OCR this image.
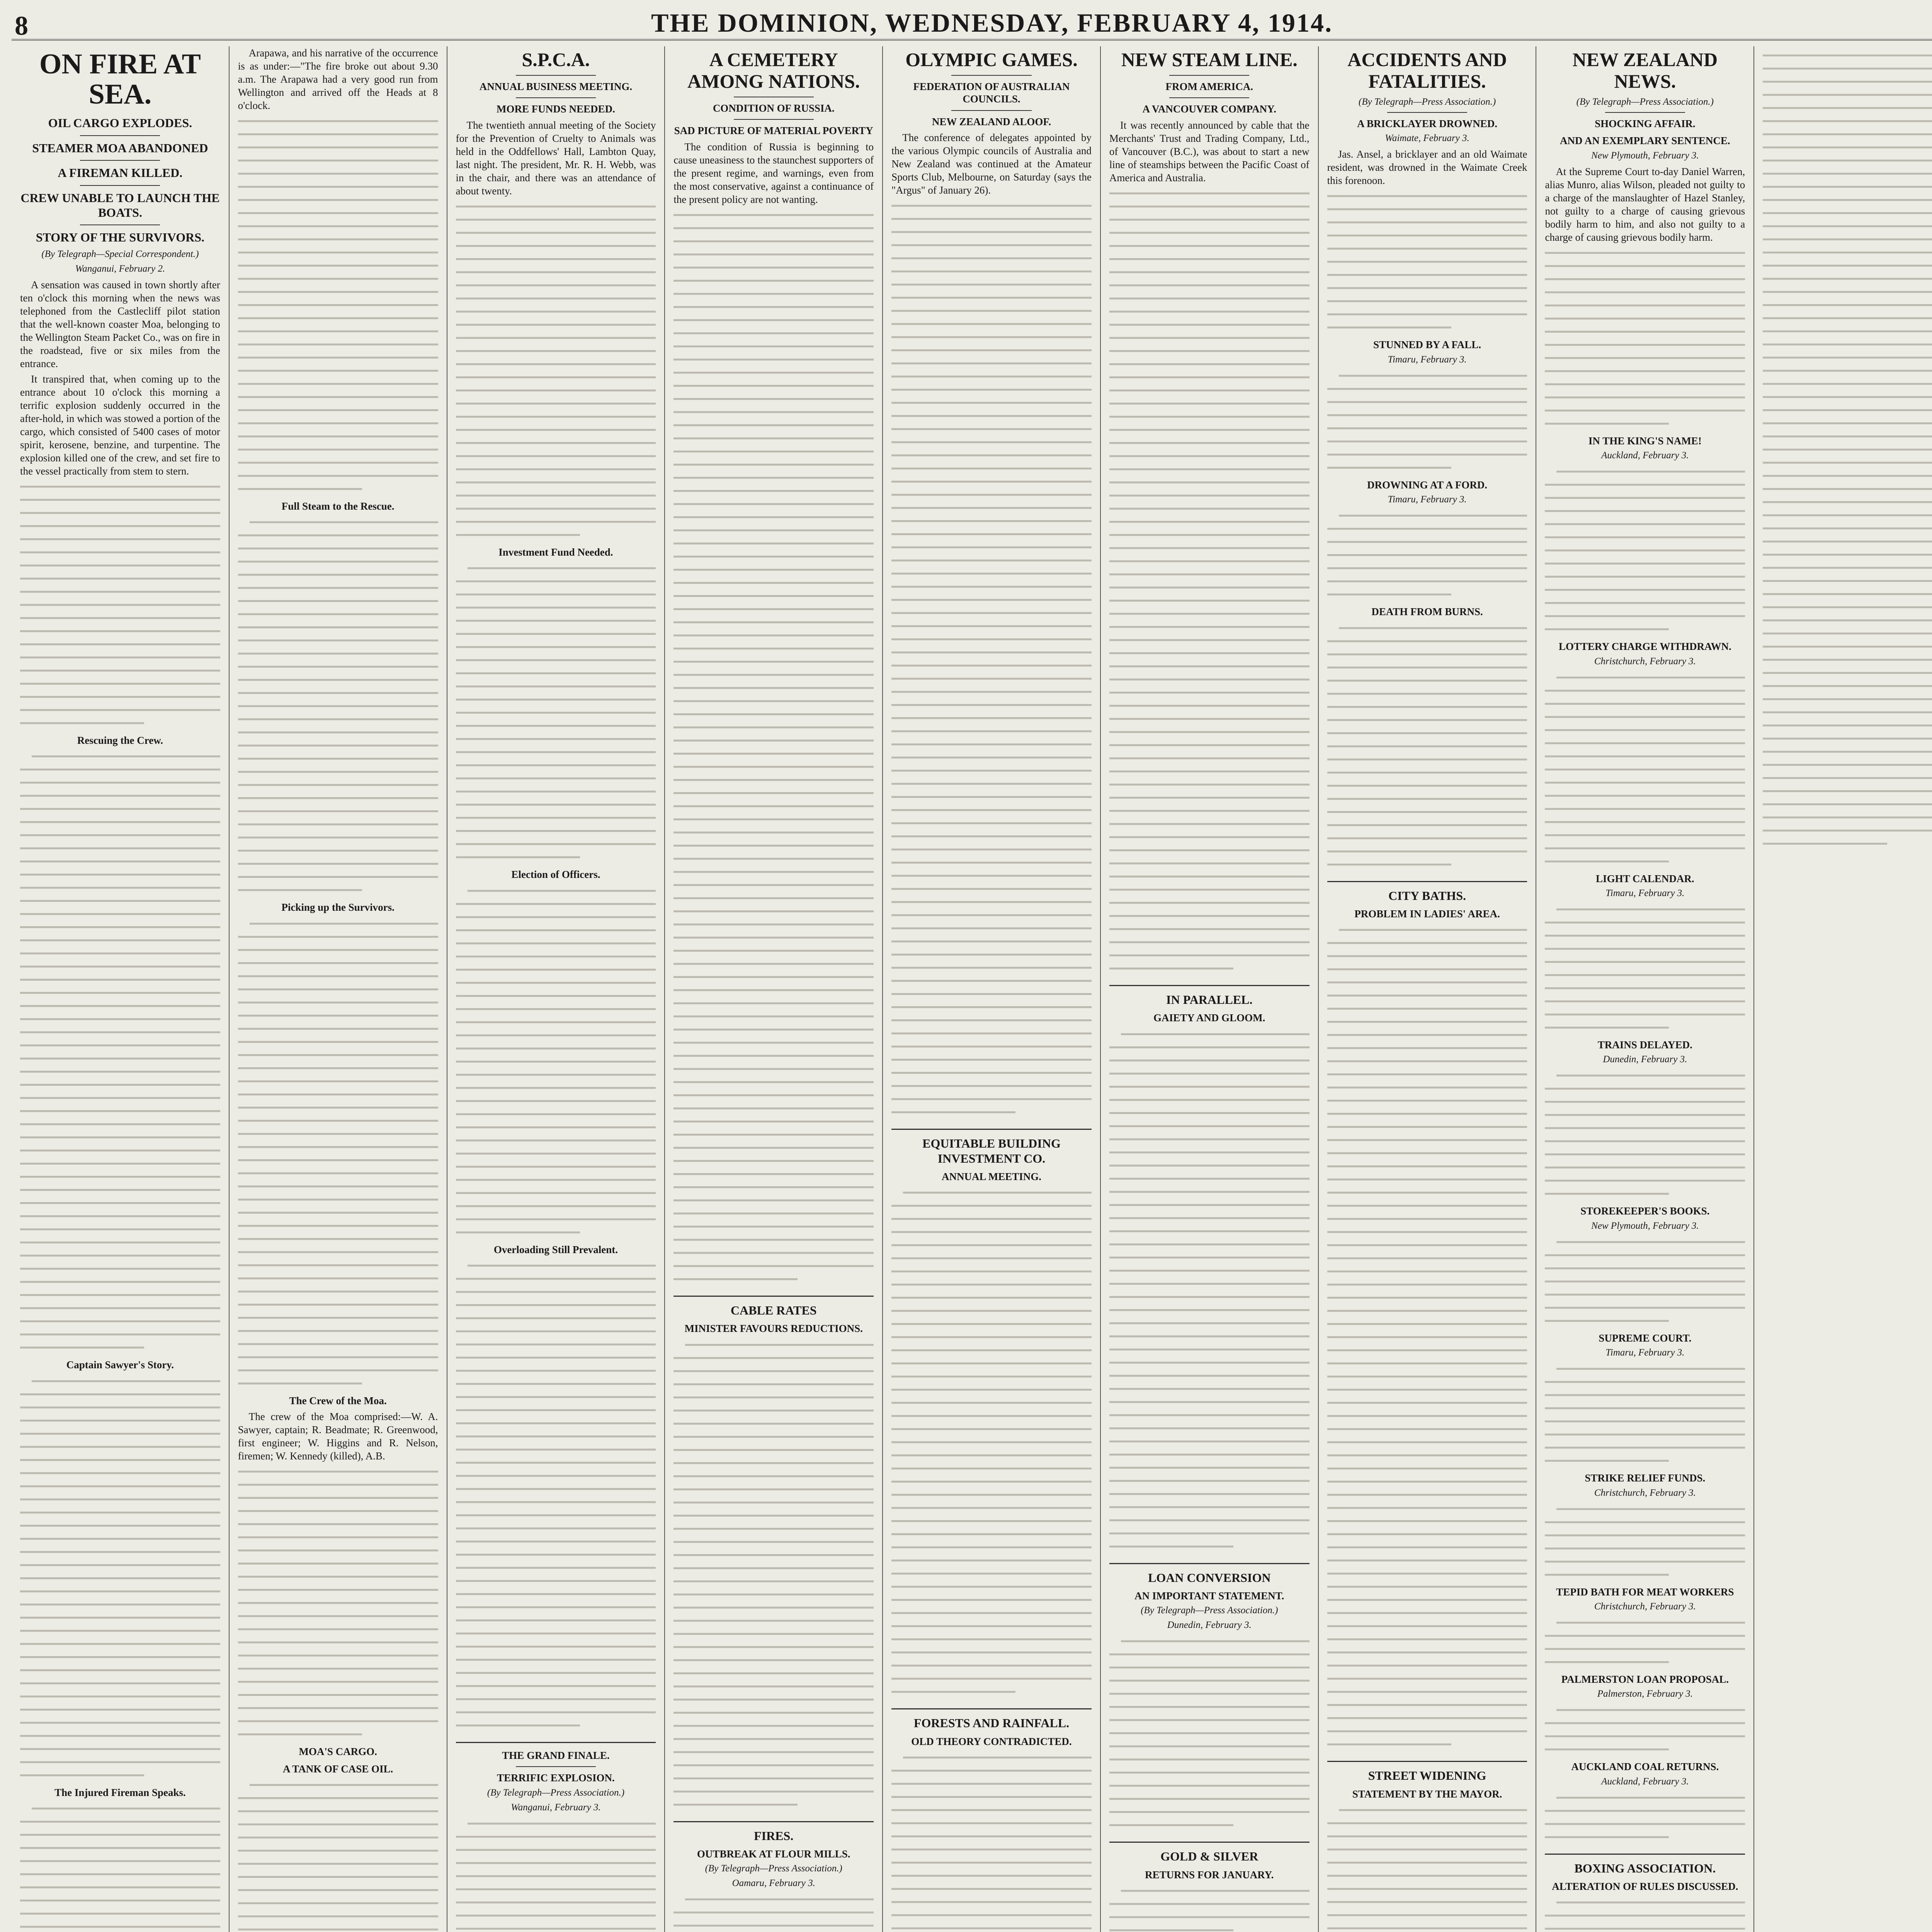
8	THE DOMINION, WEDNESDAY, FEBRUARY 4, 1914.
ON FIRE AT SEA.
OIL CARGO EXPLODES.
STEAMER MOA ABANDONED
A FIREMAN KILLED.
CREW UNABLE TO LAUNCH THE BOATS.
STORY OF THE SURVIVORS.
(By Telegraph—Special Correspondent.)
Wanganui, February 2.

A sensation was caused in town shortly after ten o'clock this morning when the news was telephoned from the Castlecliff pilot station that the well-known coaster Moa, belonging to the Wellington Steam Packet Co., was on fire in the roadstead, five or six miles from the entrance.

It transpired that, when coming up to the entrance about 10 o'clock this morning a terrific explosion suddenly occurred in the after-hold, in which was stowed a portion of the cargo, which consisted of 5400 cases of motor spirit, kerosene, benzine, and turpentine. The explosion killed one of the crew, and set fire to the vessel practically from stem to stern.

Rescuing the Crew.
Captain Sawyer's Story.
The Injured Fireman Speaks.

Arapawa, and his narrative of the occurrence is as under:—"The fire broke out about 9.30 a.m. The Arapawa had a very good run from Wellington and arrived off the Heads at 8 o'clock.

Full Steam to the Rescue.
Picking up the Survivors.
The Crew of the Moa.

The crew of the Moa comprised:—W. A. Sawyer, captain; R. Beadmate; R. Greenwood, first engineer; W. Higgins and R. Nelson, firemen; W. Kennedy (killed), A.B.

MOA'S CARGO.
A TANK OF CASE OIL.
S.P.C.A.
ANNUAL BUSINESS MEETING.
MORE FUNDS NEEDED.

The twentieth annual meeting of the Society for the Prevention of Cruelty to Animals was held in the Oddfellows' Hall, Lambton Quay, last night. The president, Mr. R. H. Webb, was in the chair, and there was an attendance of about twenty.

Investment Fund Needed.
Election of Officers.
Overloading Still Prevalent.
THE GRAND FINALE.
TERRIFIC EXPLOSION.
(By Telegraph—Press Association.)
Wanganui, February 3.
A CEMETERY AMONG NATIONS.
CONDITION OF RUSSIA.
SAD PICTURE OF MATERIAL POVERTY

The condition of Russia is beginning to cause uneasiness to the staunchest supporters of the present regime, and warnings, even from the most conservative, against a continuance of the present policy are not wanting.

CABLE RATES
MINISTER FAVOURS REDUCTIONS.
FIRES.
OUTBREAK AT FLOUR MILLS.
(By Telegraph—Press Association.)
Oamaru, February 3.
OLYMPIC GAMES.
FEDERATION OF AUSTRALIAN COUNCILS.
NEW ZEALAND ALOOF.

The conference of delegates appointed by the various Olympic councils of Australia and New Zealand was continued at the Amateur Sports Club, Melbourne, on Saturday (says the "Argus" of January 26).

EQUITABLE BUILDING INVESTMENT CO.
ANNUAL MEETING.
FORESTS AND RAINFALL.
OLD THEORY CONTRADICTED.
NEW STEAM LINE.
FROM AMERICA.
A VANCOUVER COMPANY.

It was recently announced by cable that the Merchants' Trust and Trading Company, Ltd., of Vancouver (B.C.), was about to start a new line of steamships between the Pacific Coast of America and Australia.

IN PARALLEL.
GAIETY AND GLOOM.
LOAN CONVERSION
AN IMPORTANT STATEMENT.
(By Telegraph—Press Association.)
Dunedin, February 3.
GOLD & SILVER
RETURNS FOR JANUARY.

ACCIDENTS AND FATALITIES.
(By Telegraph—Press Association.)
A BRICKLAYER DROWNED.
Waimate, February 3.

Jas. Ansel, a bricklayer and an old Waimate resident, was drowned in the Waimate Creek this forenoon.

STUNNED BY A FALL.
Timaru, February 3.
DROWNING AT A FORD.
Timaru, February 3.
DEATH FROM BURNS.
CITY BATHS.
PROBLEM IN LADIES' AREA.
STREET WIDENING
STATEMENT BY THE MAYOR.
NEW ZEALAND NEWS.
(By Telegraph—Press Association.)
SHOCKING AFFAIR.
AND AN EXEMPLARY SENTENCE.
New Plymouth, February 3.

At the Supreme Court to-day Daniel Warren, alias Munro, alias Wilson, pleaded not guilty to a charge of the manslaughter of Hazel Stanley, not guilty to a charge of causing grievous bodily harm to him, and also not guilty to a charge of causing grievous bodily harm.

IN THE KING'S NAME!
Auckland, February 3.
LOTTERY CHARGE WITHDRAWN.
Christchurch, February 3.
LIGHT CALENDAR.
Timaru, February 3.
TRAINS DELAYED.
Dunedin, February 3.
STOREKEEPER'S BOOKS.
New Plymouth, February 3.
SUPREME COURT.
Timaru, February 3.
STRIKE RELIEF FUNDS.
Christchurch, February 3.
TEPID BATH FOR MEAT WORKERS
Christchurch, February 3.
PALMERSTON LOAN PROPOSAL.
Palmerston, February 3.
AUCKLAND COAL RETURNS.
Auckland, February 3.
BOXING ASSOCIATION.
ALTERATION OF RULES DISCUSSED.
